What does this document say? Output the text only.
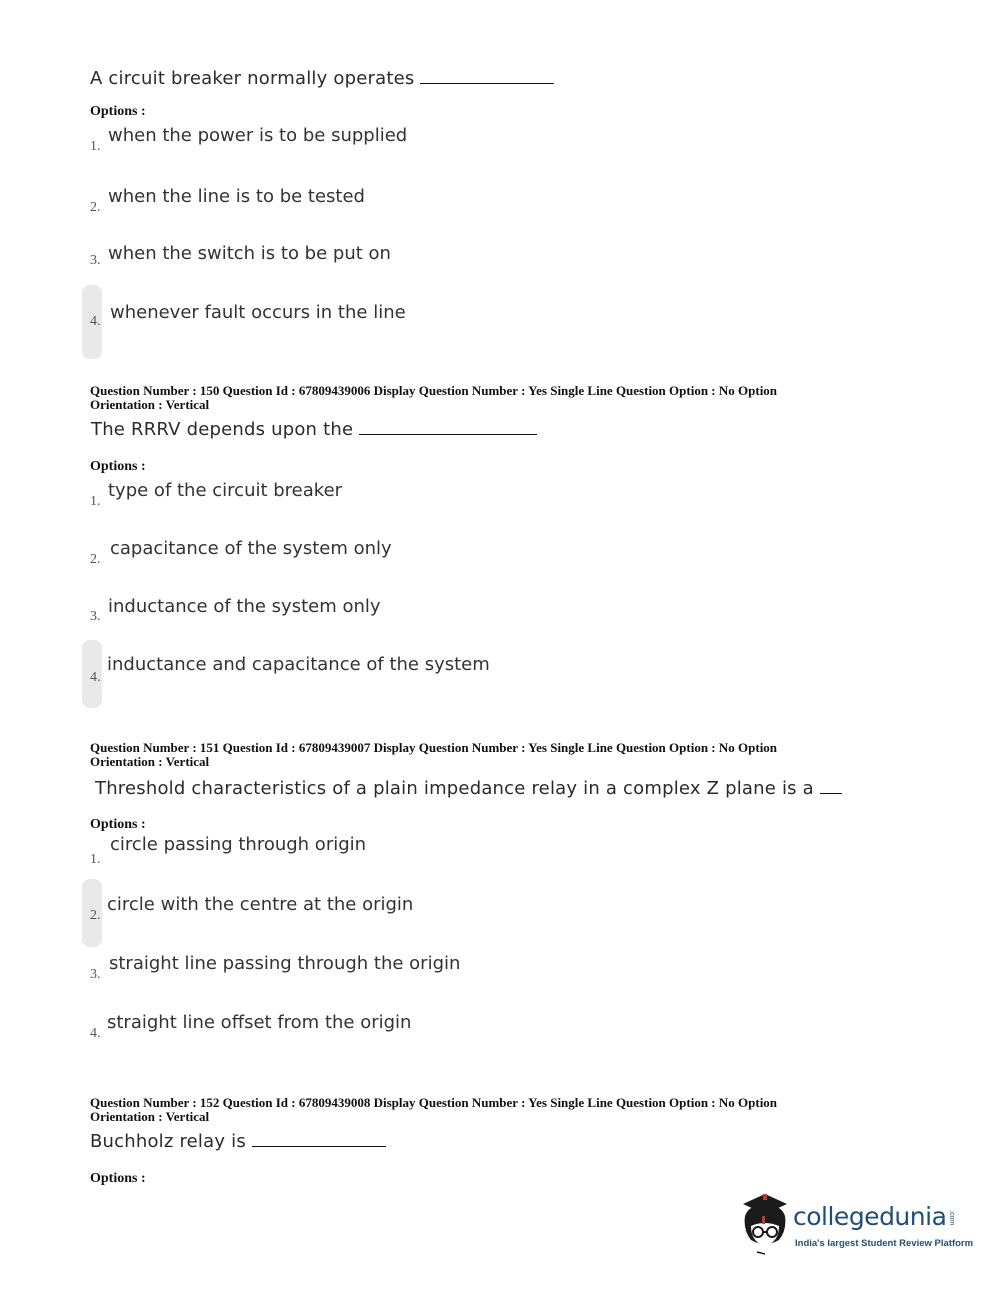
A circuit breaker normally operates
Options :
1.
when the power is to be supplied
2.
when the line is to be tested
3. when the switch is to be put on
4. whenever fault occurs in the line
Question Number : 150 Question Id : 67809439006 Display Question Number : Yes Single Line Question Option : No Option
Orientation : Vertical
The RRRV depends upon the
Options :
1.
type of the circuit breaker
2.
capacitance of the system only
3. inductance of the system only
4.
inductance and capacitance of the system
Question Number : 151 Question Id : 67809439007 Display Question Number : Yes Single Line Question Option : No Option
Orientation : Vertical
Threshold characteristics of a plain impedance relay in a complex Z plane is a
Options :
1.
circle passing through origin
2.
circle with the centre at the origin
3.
straight line passing through the origin
4.
straight line offset from the origin
Question Number : 152 Question Id : 67809439008 Display Question Number : Yes Single Line Question Option : No Option
Orientation : Vertical
Buchholz relay is
Options :
collegedunia .com
India's largest Student Review Platform
